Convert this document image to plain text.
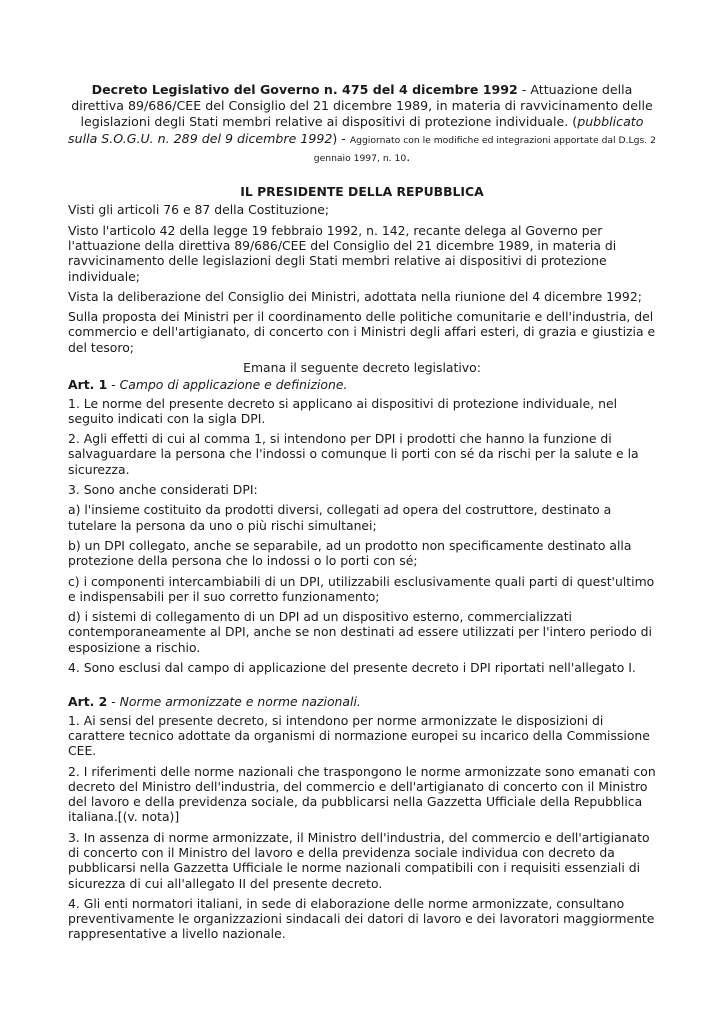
Decreto Legislativo del Governo n. 475 del 4 dicembre 1992 - Attuazione della direttiva 89/686/CEE del Consiglio del 21 dicembre 1989, in materia di ravvicinamento delle legislazioni degli Stati membri relative ai dispositivi di protezione individuale. (pubblicato sulla S.O.G.U. n. 289 del 9 dicembre 1992) - Aggiornato con le modifiche ed integrazioni apportate dal D.Lgs. 2 gennaio 1997, n. 10.

IL PRESIDENTE DELLA REPUBBLICA

Visti gli articoli 76 e 87 della Costituzione;

Visto l'articolo 42 della legge 19 febbraio 1992, n. 142, recante delega al Governo per l'attuazione della direttiva 89/686/CEE del Consiglio del 21 dicembre 1989, in materia di ravvicinamento delle legislazioni degli Stati membri relative ai dispositivi di protezione individuale;

Vista la deliberazione del Consiglio dei Ministri, adottata nella riunione del 4 dicembre 1992;

Sulla proposta dei Ministri per il coordinamento delle politiche comunitarie e dell'industria, del commercio e dell'artigianato, di concerto con i Ministri degli affari esteri, di grazia e giustizia e del tesoro;

Emana il seguente decreto legislativo:

Art. 1 - Campo di applicazione e definizione.

1. Le norme del presente decreto si applicano ai dispositivi di protezione individuale, nel seguito indicati con la sigla DPI.

2. Agli effetti di cui al comma 1, si intendono per DPI i prodotti che hanno la funzione di salvaguardare la persona che l'indossi o comunque li porti con sé da rischi per la salute e la sicurezza.

3. Sono anche considerati DPI:

a) l'insieme costituito da prodotti diversi, collegati ad opera del costruttore, destinato a tutelare la persona da uno o più rischi simultanei;

b) un DPI collegato, anche se separabile, ad un prodotto non specificamente destinato alla protezione della persona che lo indossi o lo porti con sé;

c) i componenti intercambiabili di un DPI, utilizzabili esclusivamente quali parti di quest'ultimo e indispensabili per il suo corretto funzionamento;

d) i sistemi di collegamento di un DPI ad un dispositivo esterno, commercializzati contemporaneamente al DPI, anche se non destinati ad essere utilizzati per l'intero periodo di esposizione a rischio.

4. Sono esclusi dal campo di applicazione del presente decreto i DPI riportati nell'allegato I.

Art. 2 - Norme armonizzate e norme nazionali.

1. Ai sensi del presente decreto, si intendono per norme armonizzate le disposizioni di carattere tecnico adottate da organismi di normazione europei su incarico della Commissione CEE.

2. I riferimenti delle norme nazionali che traspongono le norme armonizzate sono emanati con decreto del Ministro dell'industria, del commercio e dell'artigianato di concerto con il Ministro del lavoro e della previdenza sociale, da pubblicarsi nella Gazzetta Ufficiale della Repubblica italiana.[(v. nota)]

3. In assenza di norme armonizzate, il Ministro dell'industria, del commercio e dell'artigianato di concerto con il Ministro del lavoro e della previdenza sociale individua con decreto da pubblicarsi nella Gazzetta Ufficiale le norme nazionali compatibili con i requisiti essenziali di sicurezza di cui all'allegato II del presente decreto.

4. Gli enti normatori italiani, in sede di elaborazione delle norme armonizzate, consultano preventivamente le organizzazioni sindacali dei datori di lavoro e dei lavoratori maggiormente rappresentative a livello nazionale.
